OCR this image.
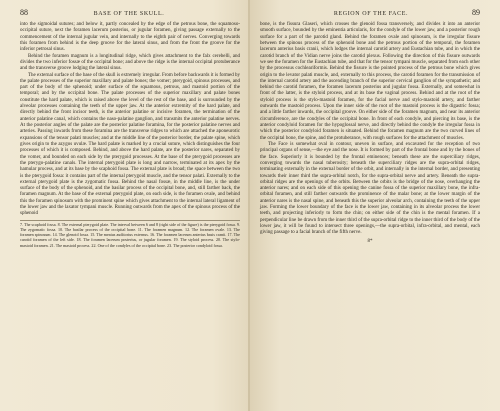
88	BASE OF THE SKULL.

into the sigmoidal sutures; and below it, partly concealed by the edge of the petrous bone, the squamoso-occipital suture, next the foramen lacerum posterius, or jugular foramen, giving passage externally to the commencement of the internal jugular vein, and internally to the eighth pair of nerves. Converging towards this foramen from behind is the deep groove for the lateral sinus, and from the front the groove for the inferior petrosal sinus.

Behind the foramen magnum is a longitudinal ridge, which gives attachment to the falx cerebelli, and divides the two inferior fossæ of the occipital bone; and above the ridge is the internal occipital protuberance and the transverse groove lodging the lateral sinus.

The external surface of the base of the skull is extremely irregular. From before backwards it is formed by the palate processes of the superior maxillary and palate bones; the vomer; pterygoid, spinous processes, and part of the body of the sphenoid; under surface of the squamous, petrous, and mastoid portion of the temporal; and by the occipital bone. The palate processes of the superior maxillary and palate bones constitute the hard palate, which is raised above the level of the rest of the base, and is surrounded by the alveolar processes containing the teeth of the upper jaw. At the anterior extremity of the hard palate, and directly behind the front incisor teeth, is the anterior palatine or incisive foramen, the termination of the anterior palatine canal, which contains the naso-palatine ganglion, and transmits the anterior palatine nerves. At the posterior angles of the palate are the posterior palatine foramina, for the posterior palatine nerves and arteries. Passing inwards from these foramina are the transverse ridges to which are attached the aponeurotic expansions of the tensor palati muscles; and at the middle line of the posterior border, the palate spine, which gives origin to the azygos uvulæ. The hard palate is marked by a crucial suture, which distinguishes the four processes of which it is composed. Behind, and above the hard palate, are the posterior nares, separated by the vomer, and bounded on each side by the pterygoid processes. At the base of the pterygoid processes are the pterygo-palatine canals. The internal pterygoid plate is long and narrow, terminated at its apex by the hamular process, and at its base by the scaphoid fossa. The external plate is broad; the space between the two is the pterygoid fossa: it contains part of the internal pterygoid muscle, and the tensor palati. Externally to the external pterygoid plate is the zygomatic fossa. Behind the nasal fossæ, in the middle line, is the under surface of the body of the sphenoid, and the basilar process of the occipital bone, and, still farther back, the foramen magnum. At the base of the external pterygoid plate, on each side, is the foramen ovale, and behind this the foramen spinosum with the prominent spine which gives attachment to the internal lateral ligament of the lower jaw and the laxator tympani muscle. Running outwards from the apex of the spinous process of the sphenoid

7. The scaphoid fossa. 8. The external pterygoid plate. The interval between 6 and 8 (right side of the figure) is the pterygoid fossa. 9. The zygomatic fossa. 10. The basilar process of the occipital bone. 11. The foramen magnum. 12. The foramen ovale. 13. The foramen spinosum. 14. The glenoid fossa. 15. The meatus auditorius externus. 16. The foramen lacerum anterius basis cranii. 17. The carotid foramen of the left side. 18. The foramen lacerum posterius, or jugular foramen. 19. The styloid process. 20. The stylo-mastoid foramen. 21. The mastoid process. 22. One of the condyles of the occipital bone. 23. The posterior condyloid fossa.

REGION OF THE FACE.	89

bone, is the fissura Glaseri, which crosses the glenoid fossa transversely, and divides it into an anterior smooth surface, bounded by the eminentia articularis, for the condyle of the lower jaw, and a posterior rough surface for a part of the parotid gland. Behind the foramen ovale and spinosum, is the irregular fissure between the spinous process of the sphenoid bone and the petrous portion of the temporal, the foramen lacerum anterius basis cranii, which lodges the internal carotid artery and Eustachian tube, and in which the carotid branch of the Vidian nerve joins the carotid plexus. Following the direction of this fissure outwards we see the foramen for the Eustachian tube, and that for the tensor tympani muscle, separated from each other by the processus cochleariformis. Behind the fissure is the pointed process of the petrous bone which gives origin to the levator palati muscle, and, externally to this process, the carotid foramen for the transmission of the internal carotid artery and the ascending branch of the superior cervical ganglion of the sympathetic; and behind the carotid foramen, the foramen lacerum posterius and jugular fossa. Externally, and somewhat in front of the latter, is the styloid process, and at its base the vaginal process. Behind and at the root of the styloid process is the stylo-mastoid foramen, for the facial nerve and stylo-mastoid artery, and farther outwards the mastoid process. Upon the inner side of the root of the mastoid process is the digastric fossa; and a little farther inwards, the occipital groove. On either side of the foramen magnum, and near its anterior circumference, are the condyles of the occipital bone. In front of each condyle, and piercing its base, is the anterior condyloid foramen for the hypoglossal nerve, and directly behind the condyle the irregular fossa in which the posterior condyloid foramen is situated. Behind the foramen magnum are the two curved lines of the occipital bone, the spine, and the protuberance, with rough surfaces for the attachment of muscles.

The Face is somewhat oval in contour, uneven in surface, and excavated for the reception of two principal organs of sense,—the eye and the nose. It is formed by part of the frontal bone and by the bones of the face. Superiorly it is bounded by the frontal eminences; beneath these are the superciliary ridges, converging towards the nasal tuberosity; beneath the superciliary ridges are the supra-orbital ridges, terminating externally in the external border of the orbit, and internally in the internal border, and presenting towards their inner third the supra-orbital notch, for the supra-orbital nerve and artery. Beneath the supra-orbital ridges are the openings of the orbits. Between the orbits is the bridge of the nose, overhanging the anterior nares; and on each side of this opening the canine fossa of the superior maxillary bone, the infra-orbital foramen, and still farther outwards the prominence of the malar bone; at the lower margin of the anterior nares is the nasal spine, and beneath this the superior alveolar arch, containing the teeth of the upper jaw. Forming the lower boundary of the face is the lower jaw, containing in its alveolar process the lower teeth, and projecting inferiorly to form the chin; on either side of the chin is the mental foramen. If a perpendicular line be drawn from the inner third of the supra-orbital ridge to the inner third of the body of the lower jaw, it will be found to intersect three openings,—the supra-orbital, infra-orbital, and mental, each giving passage to a facial branch of the fifth nerve.

8*
